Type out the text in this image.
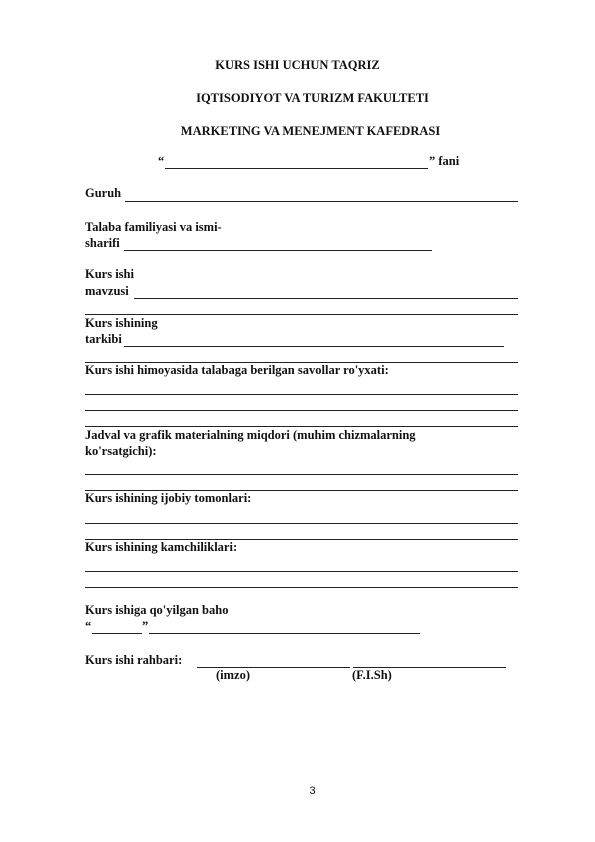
KURS ISHI UCHUN TAQRIZ
IQTISODIYOT VA TURIZM FAKULTETI
MARKETING VA MENEJMENT KAFEDRASI
“	” fani
Guruh
Talaba familiyasi va ismi-
sharifi
Kurs ishi
mavzusi
Kurs ishining
tarkibi
Kurs ishi himoyasida talabaga berilgan savollar ro'yxati:
Jadval va grafik materialning miqdori (muhim chizmalarning
ko'rsatgichi):
Kurs ishining ijobiy tomonlari:
Kurs ishining kamchiliklari:
Kurs ishiga qo'yilgan baho
“	”
Kurs ishi rahbari:
(imzo)	(F.I.Sh)
3
